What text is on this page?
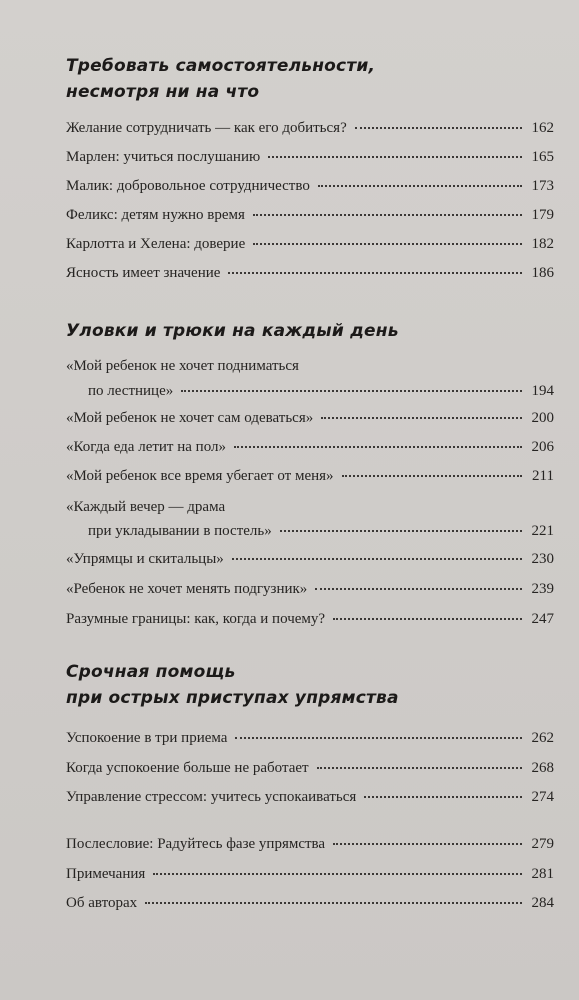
Требовать самостоятельности,
несмотря ни на что
Желание сотрудничать — как его добиться?	162
Марлен: учиться послушанию	165
Малик: добровольное сотрудничество	173
Феликс: детям нужно время	179
Карлотта и Хелена: доверие	182
Ясность имеет значение	186
Уловки и трюки на каждый день
«Мой ребенок не хочет подниматься
по лестнице»	194
«Мой ребенок не хочет сам одеваться»	200
«Когда еда летит на пол»	206
«Мой ребенок все время убегает от меня»	211
«Каждый вечер — драма
при укладывании в постель»	221
«Упрямцы и скитальцы»	230
«Ребенок не хочет менять подгузник»	239
Разумные границы: как, когда и почему?	247
Срочная помощь
при острых приступах упрямства
Успокоение в три приема	262
Когда успокоение больше не работает	268
Управление стрессом: учитесь успокаиваться	274
Послесловие: Радуйтесь фазе упрямства	279
Примечания	281
Об авторах	284
